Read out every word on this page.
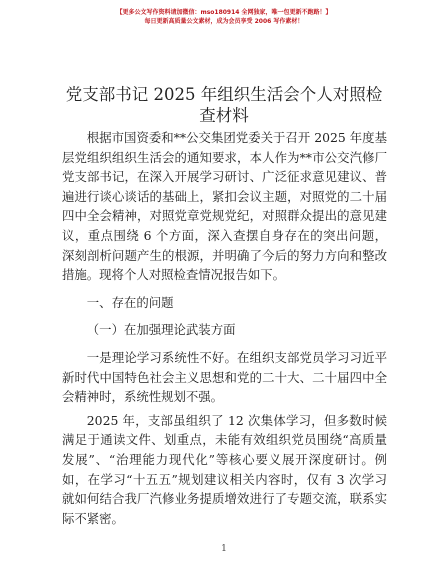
【更多公文写作资料请加微信：mso180914 全网独家，唯一包更新不跑路！】
每日更新高质量公文素材，成为会员享受 2006 写作素材！
党支部书记 2025 年组织生活会个人对照检查材料

根据市国资委和**公交集团党委关于召开 2025 年度基层党组织组织生活会的通知要求，本人作为**市公交汽修厂党支部书记，在深入开展学习研讨、广泛征求意见建议、普遍进行谈心谈话的基础上，紧扣会议主题，对照党的二十届四中全会精神，对照党章党规党纪，对照群众提出的意见建议，重点围绕 6 个方面，深入查摆自身存在的突出问题，深刻剖析问题产生的根源，并明确了今后的努力方向和整改措施。现将个人对照检查情况报告如下。

一、存在的问题

（一）在加强理论武装方面

一是理论学习系统性不好。在组织支部党员学习习近平新时代中国特色社会主义思想和党的二十大、二十届四中全会精神时，系统性规划不强。

2025 年，支部虽组织了 12 次集体学习，但多数时候满足于通读文件、划重点，未能有效组织党员围绕“高质量发展”、“治理能力现代化”等核心要义展开深度研讨。例如，在学习“十五五”规划建议相关内容时，仅有 3 次学习就如何结合我厂汽修业务提质增效进行了专题交流，联系实际不紧密。

1
